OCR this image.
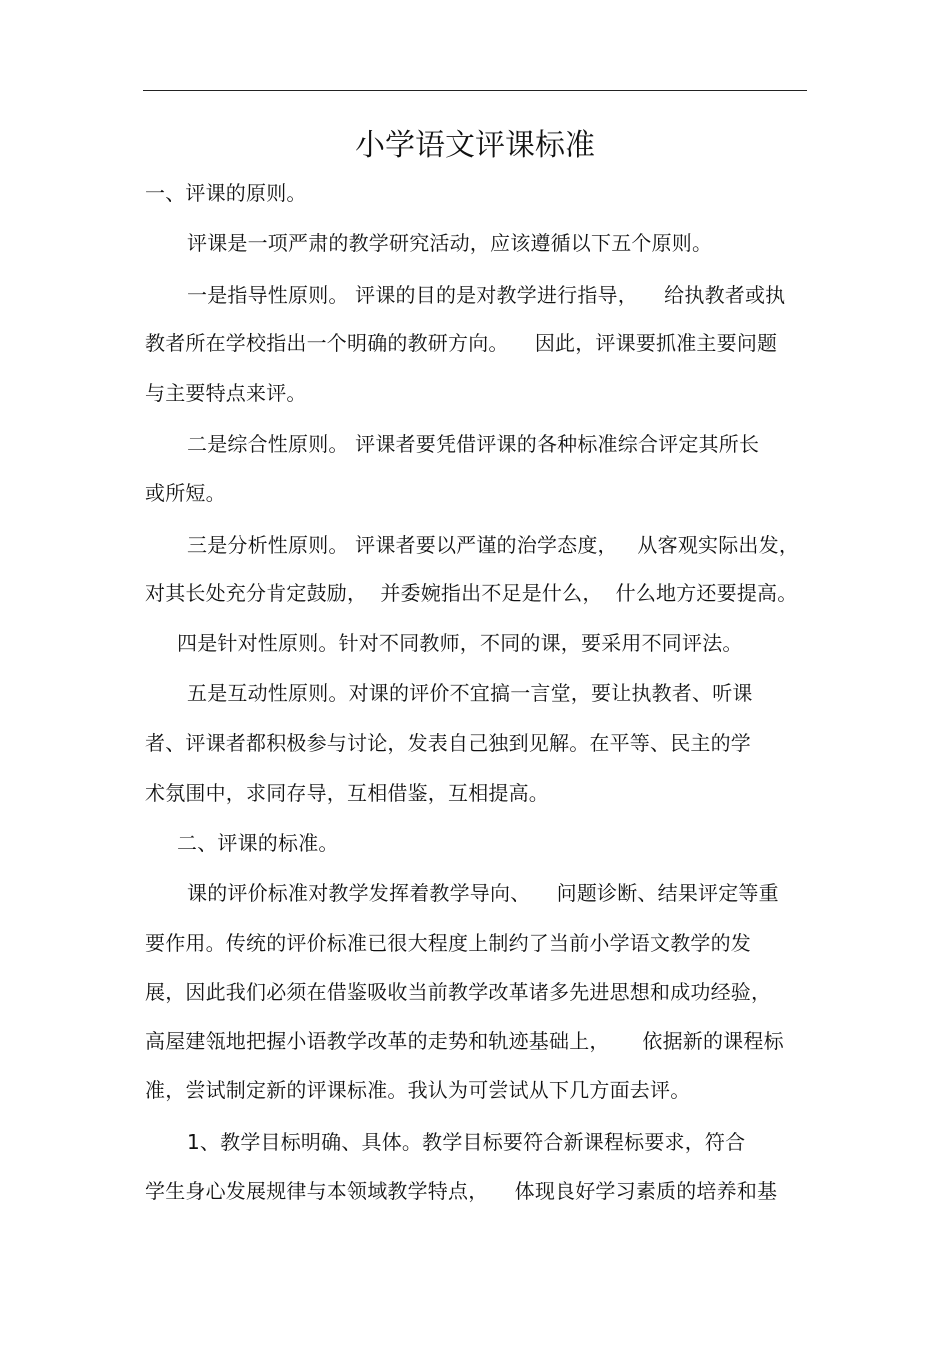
小学语文评课标准
一、评课的原则。
评课是一项严肃的教学研究活动，应该遵循以下五个原则。
一是指导性原则。 评课的目的是对教学进行指导，    给执教者或执
教者所在学校指出一个明确的教研方向。    因此，评课要抓准主要问题
与主要特点来评。
二是综合性原则。 评课者要凭借评课的各种标准综合评定其所长
或所短。
三是分析性原则。 评课者要以严谨的治学态度，   从客观实际出发，
对其长处充分肯定鼓励，  并委婉指出不足是什么，  什么地方还要提高。
四是针对性原则。针对不同教师，不同的课，要采用不同评法。
五是互动性原则。对课的评价不宜搞一言堂，要让执教者、听课
者、评课者都积极参与讨论，发表自己独到见解。在平等、民主的学
术氛围中，求同存导，互相借鉴，互相提高。
二、评课的标准。
课的评价标准对教学发挥着教学导向、    问题诊断、结果评定等重
要作用。传统的评价标准已很大程度上制约了当前小学语文教学的发
展，因此我们必须在借鉴吸收当前教学改革诸多先进思想和成功经验，
高屋建瓴地把握小语教学改革的走势和轨迹基础上，     依据新的课程标
准，尝试制定新的评课标准。我认为可尝试从下几方面去评。
1、教学目标明确、具体。教学目标要符合新课程标要求，符合
学生身心发展规律与本领域教学特点，    体现良好学习素质的培养和基
